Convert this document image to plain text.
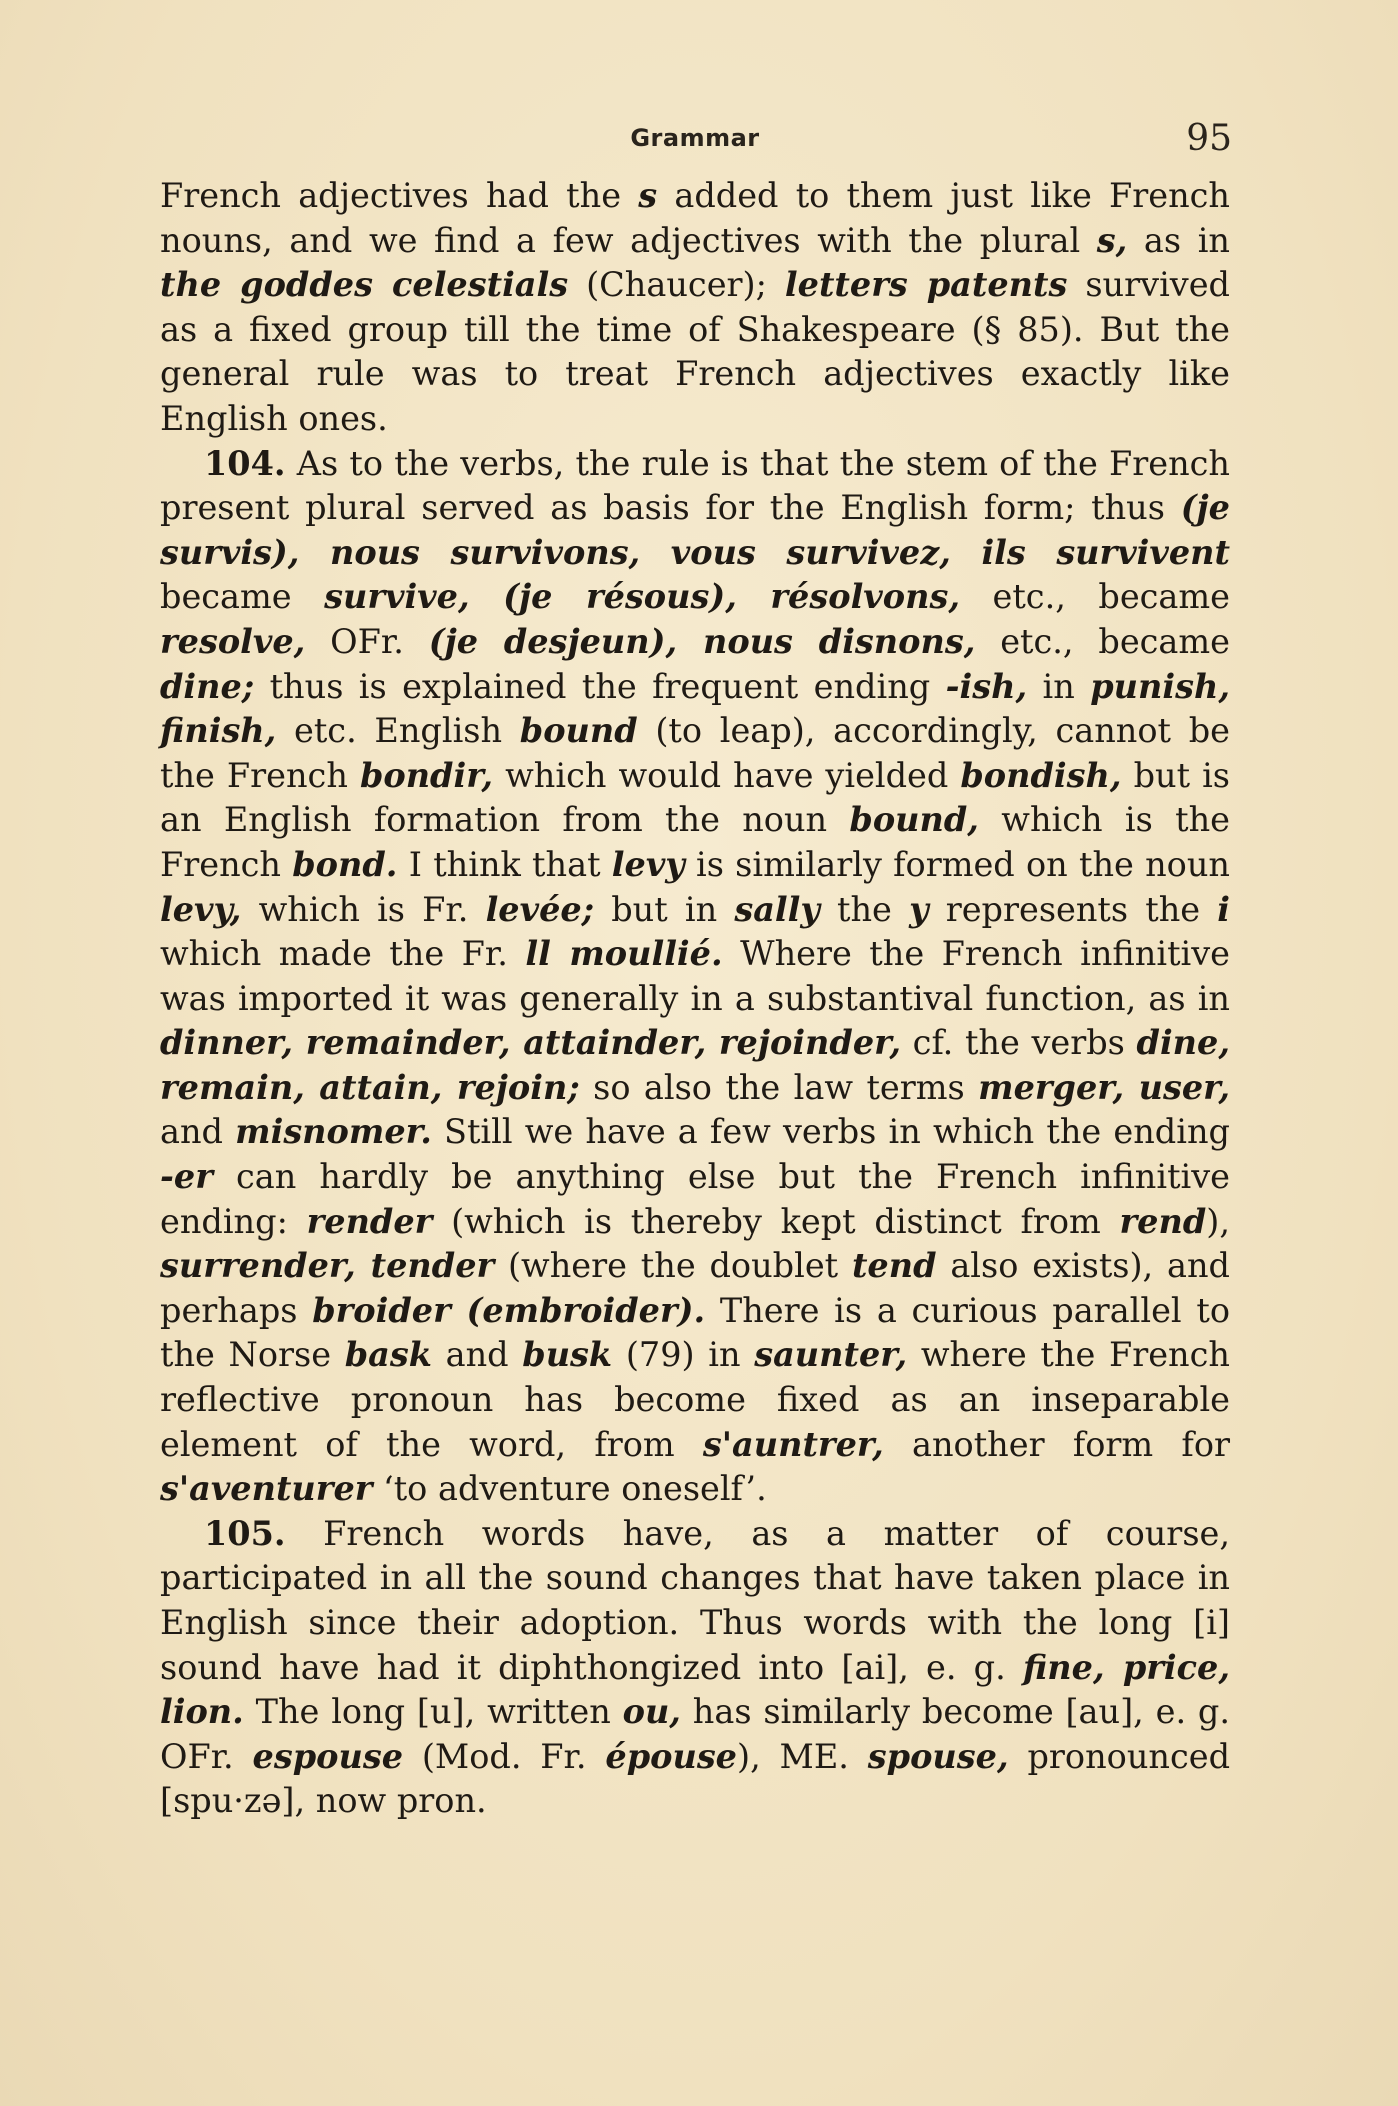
Grammar	95

French adjectives had the s added to them just like French nouns, and we find a few adjectives with the plural s, as in the goddes celestials (Chaucer); letters patents survived as a fixed group till the time of Shakespeare (§ 85). But the general rule was to treat French adjectives exactly like English ones.

104. As to the verbs, the rule is that the stem of the French present plural served as basis for the English form; thus (je survis), nous survivons, vous survivez, ils survivent became survive, (je résous), résolvons, etc., became resolve, OFr. (je desjeun), nous disnons, etc., became dine; thus is explained the frequent ending -ish, in punish, finish, etc. English bound (to leap), accordingly, cannot be the French bondir, which would have yielded bondish, but is an English formation from the noun bound, which is the French bond. I think that levy is similarly formed on the noun levy, which is Fr. levée; but in sally the y represents the i which made the Fr. ll moullié. Where the French infinitive was imported it was generally in a substantival function, as in dinner, remainder, attainder, rejoinder, cf. the verbs dine, remain, attain, rejoin; so also the law terms merger, user, and misnomer. Still we have a few verbs in which the ending -er can hardly be anything else but the French infinitive ending: render (which is thereby kept distinct from rend), surrender, tender (where the doublet tend also exists), and perhaps broider (embroider). There is a curious parallel to the Norse bask and busk (79) in saunter, where the French reflective pronoun has become fixed as an inseparable element of the word, from s'auntrer, another form for s'aventurer ‘to adventure oneself’.

105. French words have, as a matter of course, participated in all the sound changes that have taken place in English since their adoption. Thus words with the long [i] sound have had it diphthongized into [ai], e. g. fine, price, lion. The long [u], written ou, has similarly become [au], e. g. OFr. espouse (Mod. Fr. épouse), ME. spouse, pronounced [spu·zə], now pron.
